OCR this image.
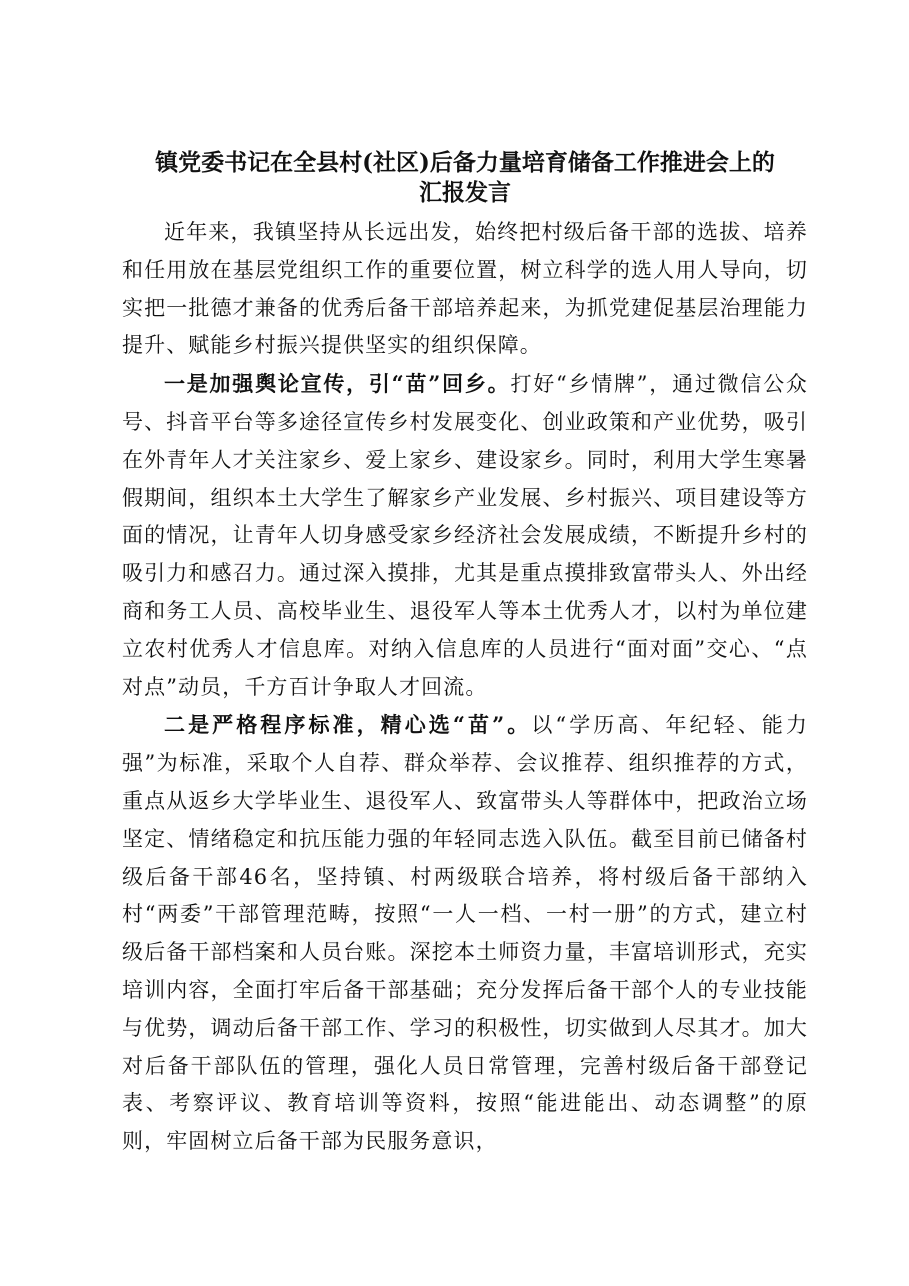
镇党委书记在全县村(社区)后备力量培育储备工作推进会上的
汇报发言

近年来，我镇坚持从长远出发，始终把村级后备干部的选拔、培养和任用放在基层党组织工作的重要位置，树立科学的选人用人导向，切实把一批德才兼备的优秀后备干部培养起来，为抓党建促基层治理能力提升、赋能乡村振兴提供坚实的组织保障。

一是加强舆论宣传，引“苗”回乡。打好“乡情牌”，通过微信公众号、抖音平台等多途径宣传乡村发展变化、创业政策和产业优势，吸引在外青年人才关注家乡、爱上家乡、建设家乡。同时，利用大学生寒暑假期间，组织本土大学生了解家乡产业发展、乡村振兴、项目建设等方面的情况，让青年人切身感受家乡经济社会发展成绩，不断提升乡村的吸引力和感召力。通过深入摸排，尤其是重点摸排致富带头人、外出经商和务工人员、高校毕业生、退役军人等本土优秀人才，以村为单位建立农村优秀人才信息库。对纳入信息库的人员进行“面对面”交心、“点对点”动员，千方百计争取人才回流。

二是严格程序标准，精心选“苗”。以“学历高、年纪轻、能力强”为标准，采取个人自荐、群众举荐、会议推荐、组织推荐的方式，重点从返乡大学毕业生、退役军人、致富带头人等群体中，把政治立场坚定、情绪稳定和抗压能力强的年轻同志选入队伍。截至目前已储备村级后备干部46名，坚持镇、村两级联合培养，将村级后备干部纳入村“两委”干部管理范畴，按照“一人一档、一村一册”的方式，建立村级后备干部档案和人员台账。深挖本土师资力量，丰富培训形式，充实培训内容，全面打牢后备干部基础；充分发挥后备干部个人的专业技能与优势，调动后备干部工作、学习的积极性，切实做到人尽其才。加大对后备干部队伍的管理，强化人员日常管理，完善村级后备干部登记表、考察评议、教育培训等资料，按照“能进能出、动态调整”的原则，牢固树立后备干部为民服务意识，
